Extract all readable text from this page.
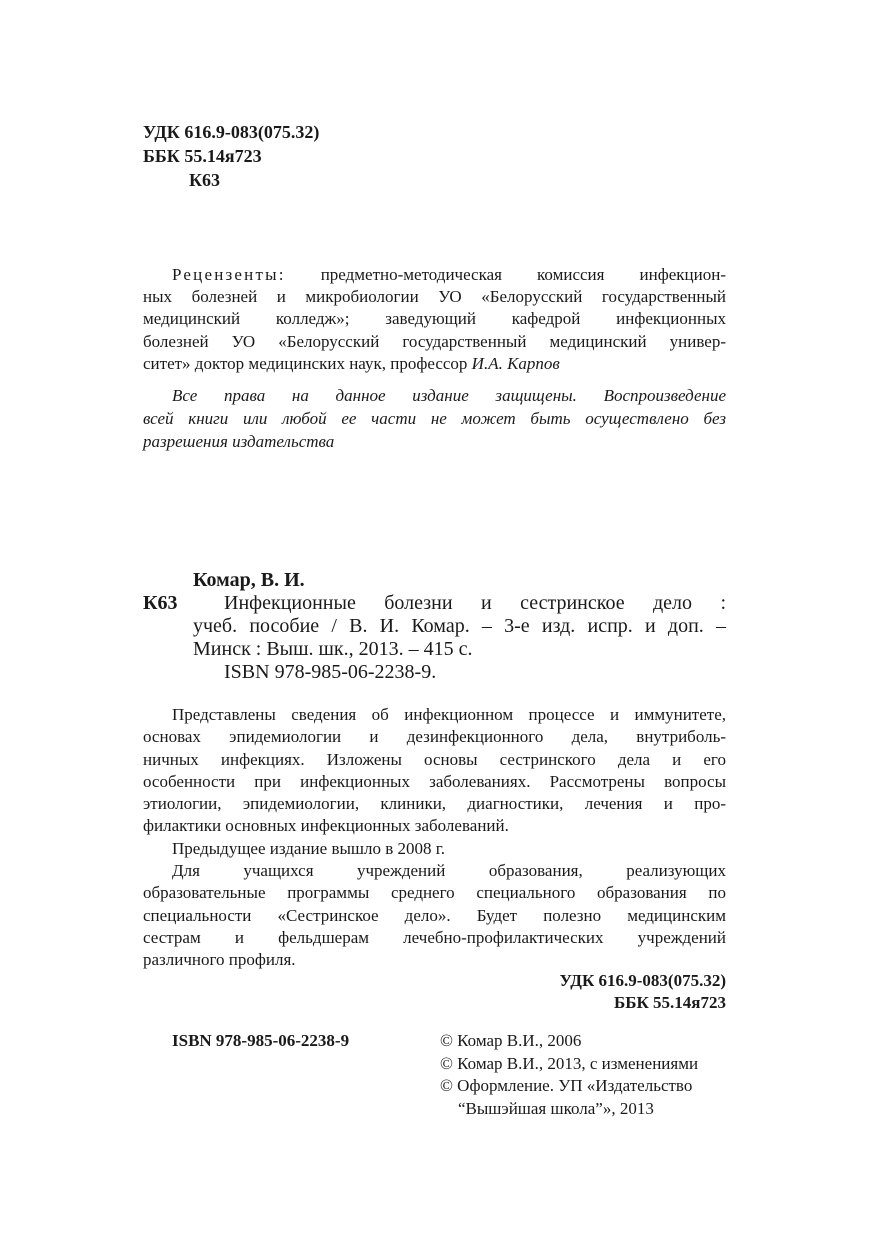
УДК 616.9-083(075.32)
ББК 55.14я723
К63
Рецензенты: предметно-методическая комиссия инфекцион-
ных болезней и микробиологии УО «Белорусский государственный
медицинский колледж»; заведующий кафедрой инфекционных
болезней УО «Белорусский государственный медицинский универ-
ситет» доктор медицинских наук, профессор И.А. Карпов
Все права на данное издание защищены. Воспроизведение
всей книги или любой ее части не может быть осуществлено без
разрешения издательства
Комар, В. И.
К63	Инфекционные болезни и сестринское дело :
учеб. пособие / В. И. Комар. – 3-е изд. испр. и доп. –
Минск : Выш. шк., 2013. – 415 с.
ISBN 978-985-06-2238-9.
Представлены сведения об инфекционном процессе и иммунитете,
основах эпидемиологии и дезинфекционного дела, внутриболь-
ничных инфекциях. Изложены основы сестринского дела и его
особенности при инфекционных заболеваниях. Рассмотрены вопросы
этиологии, эпидемиологии, клиники, диагностики, лечения и про-
филактики основных инфекционных заболеваний.
Предыдущее издание вышло в 2008 г.
Для учащихся учреждений образования, реализующих
образовательные программы среднего специального образования по
специальности «Сестринское дело». Будет полезно медицинским
сестрам и фельдшерам лечебно-профилактических учреждений
различного профиля.
УДК 616.9-083(075.32)
ББК 55.14я723
ISBN 978-985-06-2238-9	© Комар В.И., 2006
© Комар В.И., 2013, с изменениями
© Оформление. УП «Издательство
“Вышэйшая школа”», 2013
